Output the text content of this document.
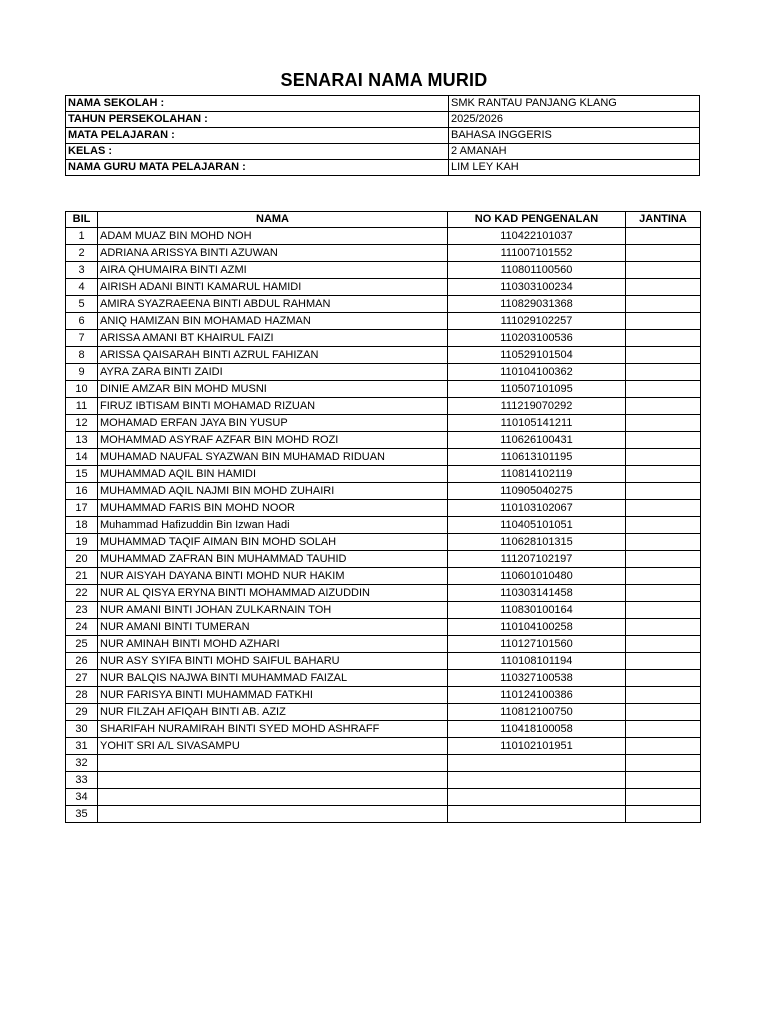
SENARAI NAMA MURID
NAMA SEKOLAH :	SMK RANTAU PANJANG KLANG
TAHUN PERSEKOLAHAN :	2025/2026
MATA PELAJARAN :	BAHASA INGGERIS
KELAS :	2 AMANAH
NAMA GURU MATA PELAJARAN :	LIM LEY KAH
BIL	NAMA	NO KAD PENGENALAN	JANTINA
1	ADAM MUAZ BIN MOHD NOH	110422101037	
2	ADRIANA ARISSYA BINTI AZUWAN	111007101552	
3	AIRA QHUMAIRA BINTI AZMI	110801100560	
4	AIRISH ADANI BINTI KAMARUL HAMIDI	110303100234	
5	AMIRA SYAZRAEENA BINTI ABDUL RAHMAN	110829031368	
6	ANIQ HAMIZAN BIN MOHAMAD HAZMAN	111029102257	
7	ARISSA AMANI BT KHAIRUL FAIZI	110203100536	
8	ARISSA QAISARAH BINTI AZRUL FAHIZAN	110529101504	
9	AYRA ZARA BINTI ZAIDI	110104100362	
10	DINIE AMZAR BIN MOHD MUSNI	110507101095	
11	FIRUZ IBTISAM BINTI MOHAMAD RIZUAN	111219070292	
12	MOHAMAD ERFAN JAYA BIN YUSUP	110105141211	
13	MOHAMMAD ASYRAF AZFAR BIN MOHD ROZI	110626100431	
14	MUHAMAD NAUFAL SYAZWAN BIN MUHAMAD RIDUAN	110613101195	
15	MUHAMMAD AQIL BIN HAMIDI	110814102119	
16	MUHAMMAD AQIL NAJMI BIN MOHD ZUHAIRI	110905040275	
17	MUHAMMAD FARIS BIN MOHD NOOR	110103102067	
18	Muhammad Hafizuddin Bin Izwan Hadi	110405101051	
19	MUHAMMAD TAQIF AIMAN BIN MOHD SOLAH	110628101315	
20	MUHAMMAD ZAFRAN BIN MUHAMMAD TAUHID	111207102197	
21	NUR AISYAH DAYANA BINTI MOHD NUR HAKIM	110601010480	
22	NUR AL QISYA ERYNA BINTI MOHAMMAD AIZUDDIN	110303141458	
23	NUR AMANI BINTI JOHAN ZULKARNAIN TOH	110830100164	
24	NUR AMANI BINTI TUMERAN	110104100258	
25	NUR AMINAH BINTI MOHD AZHARI	110127101560	
26	NUR ASY SYIFA BINTI MOHD SAIFUL BAHARU	110108101194	
27	NUR BALQIS NAJWA BINTI MUHAMMAD FAIZAL	110327100538	
28	NUR FARISYA BINTI MUHAMMAD FATKHI	110124100386	
29	NUR FILZAH AFIQAH BINTI AB. AZIZ	110812100750	
30	SHARIFAH NURAMIRAH BINTI SYED MOHD ASHRAFF	110418100058	
31	YOHIT SRI A/L SIVASAMPU	110102101951	
32			
33			
34			
35			
